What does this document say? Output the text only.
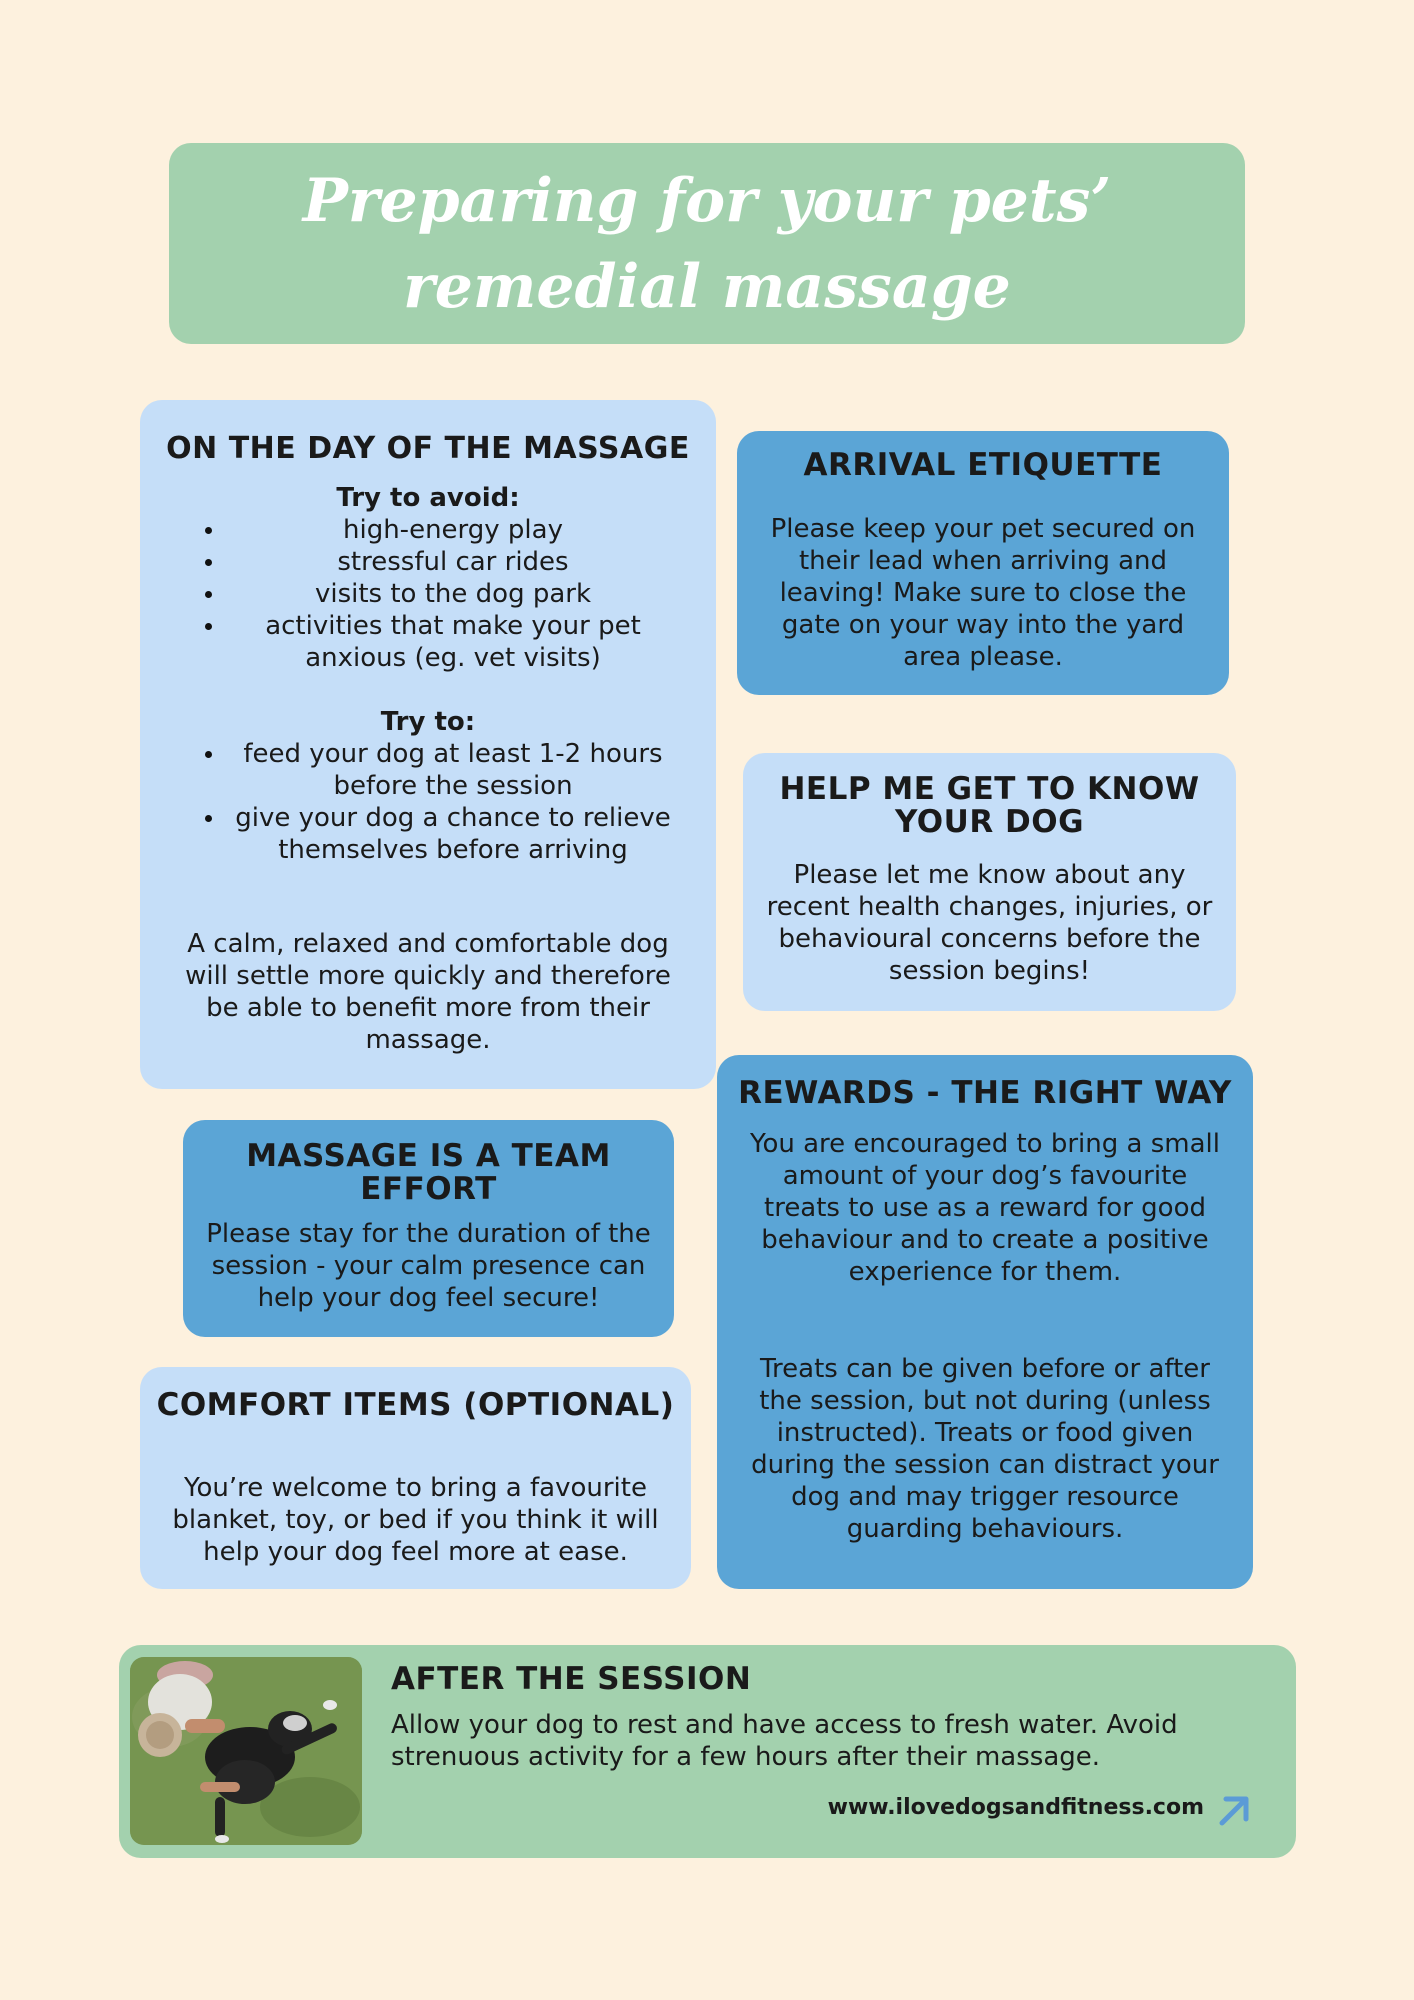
Preparing for your pets’
remedial massage
ON THE DAY OF THE MASSAGE
Try to avoid:
high-energy play
stressful car rides
visits to the dog park
activities that make your pet anxious (eg. vet visits)
Try to:
feed your dog at least 1-2 hours before the session
give your dog a chance to relieve themselves before arriving

A calm, relaxed and comfortable dog will settle more quickly and therefore be able to benefit more from their massage.

ARRIVAL ETIQUETTE

Please keep your pet secured on their lead when arriving and leaving! Make sure to close the gate on your way into the yard area please.

HELP ME GET TO KNOW YOUR DOG

Please let me know about any recent health changes, injuries, or behavioural concerns before the session begins!

MASSAGE IS A TEAM EFFORT

Please stay for the duration of the session - your calm presence can help your dog feel secure!

COMFORT ITEMS (OPTIONAL)

You’re welcome to bring a favourite blanket, toy, or bed if you think it will help your dog feel more at ease.

REWARDS - THE RIGHT WAY

You are encouraged to bring a small amount of your dog’s favourite treats to use as a reward for good behaviour and to create a positive experience for them.

Treats can be given before or after the session, but not during (unless instructed). Treats or food given during the session can distract your dog and may trigger resource guarding behaviours.

AFTER THE SESSION

Allow your dog to rest and have access to fresh water. Avoid strenuous activity for a few hours after their massage.

www.ilovedogsandfitness.com
